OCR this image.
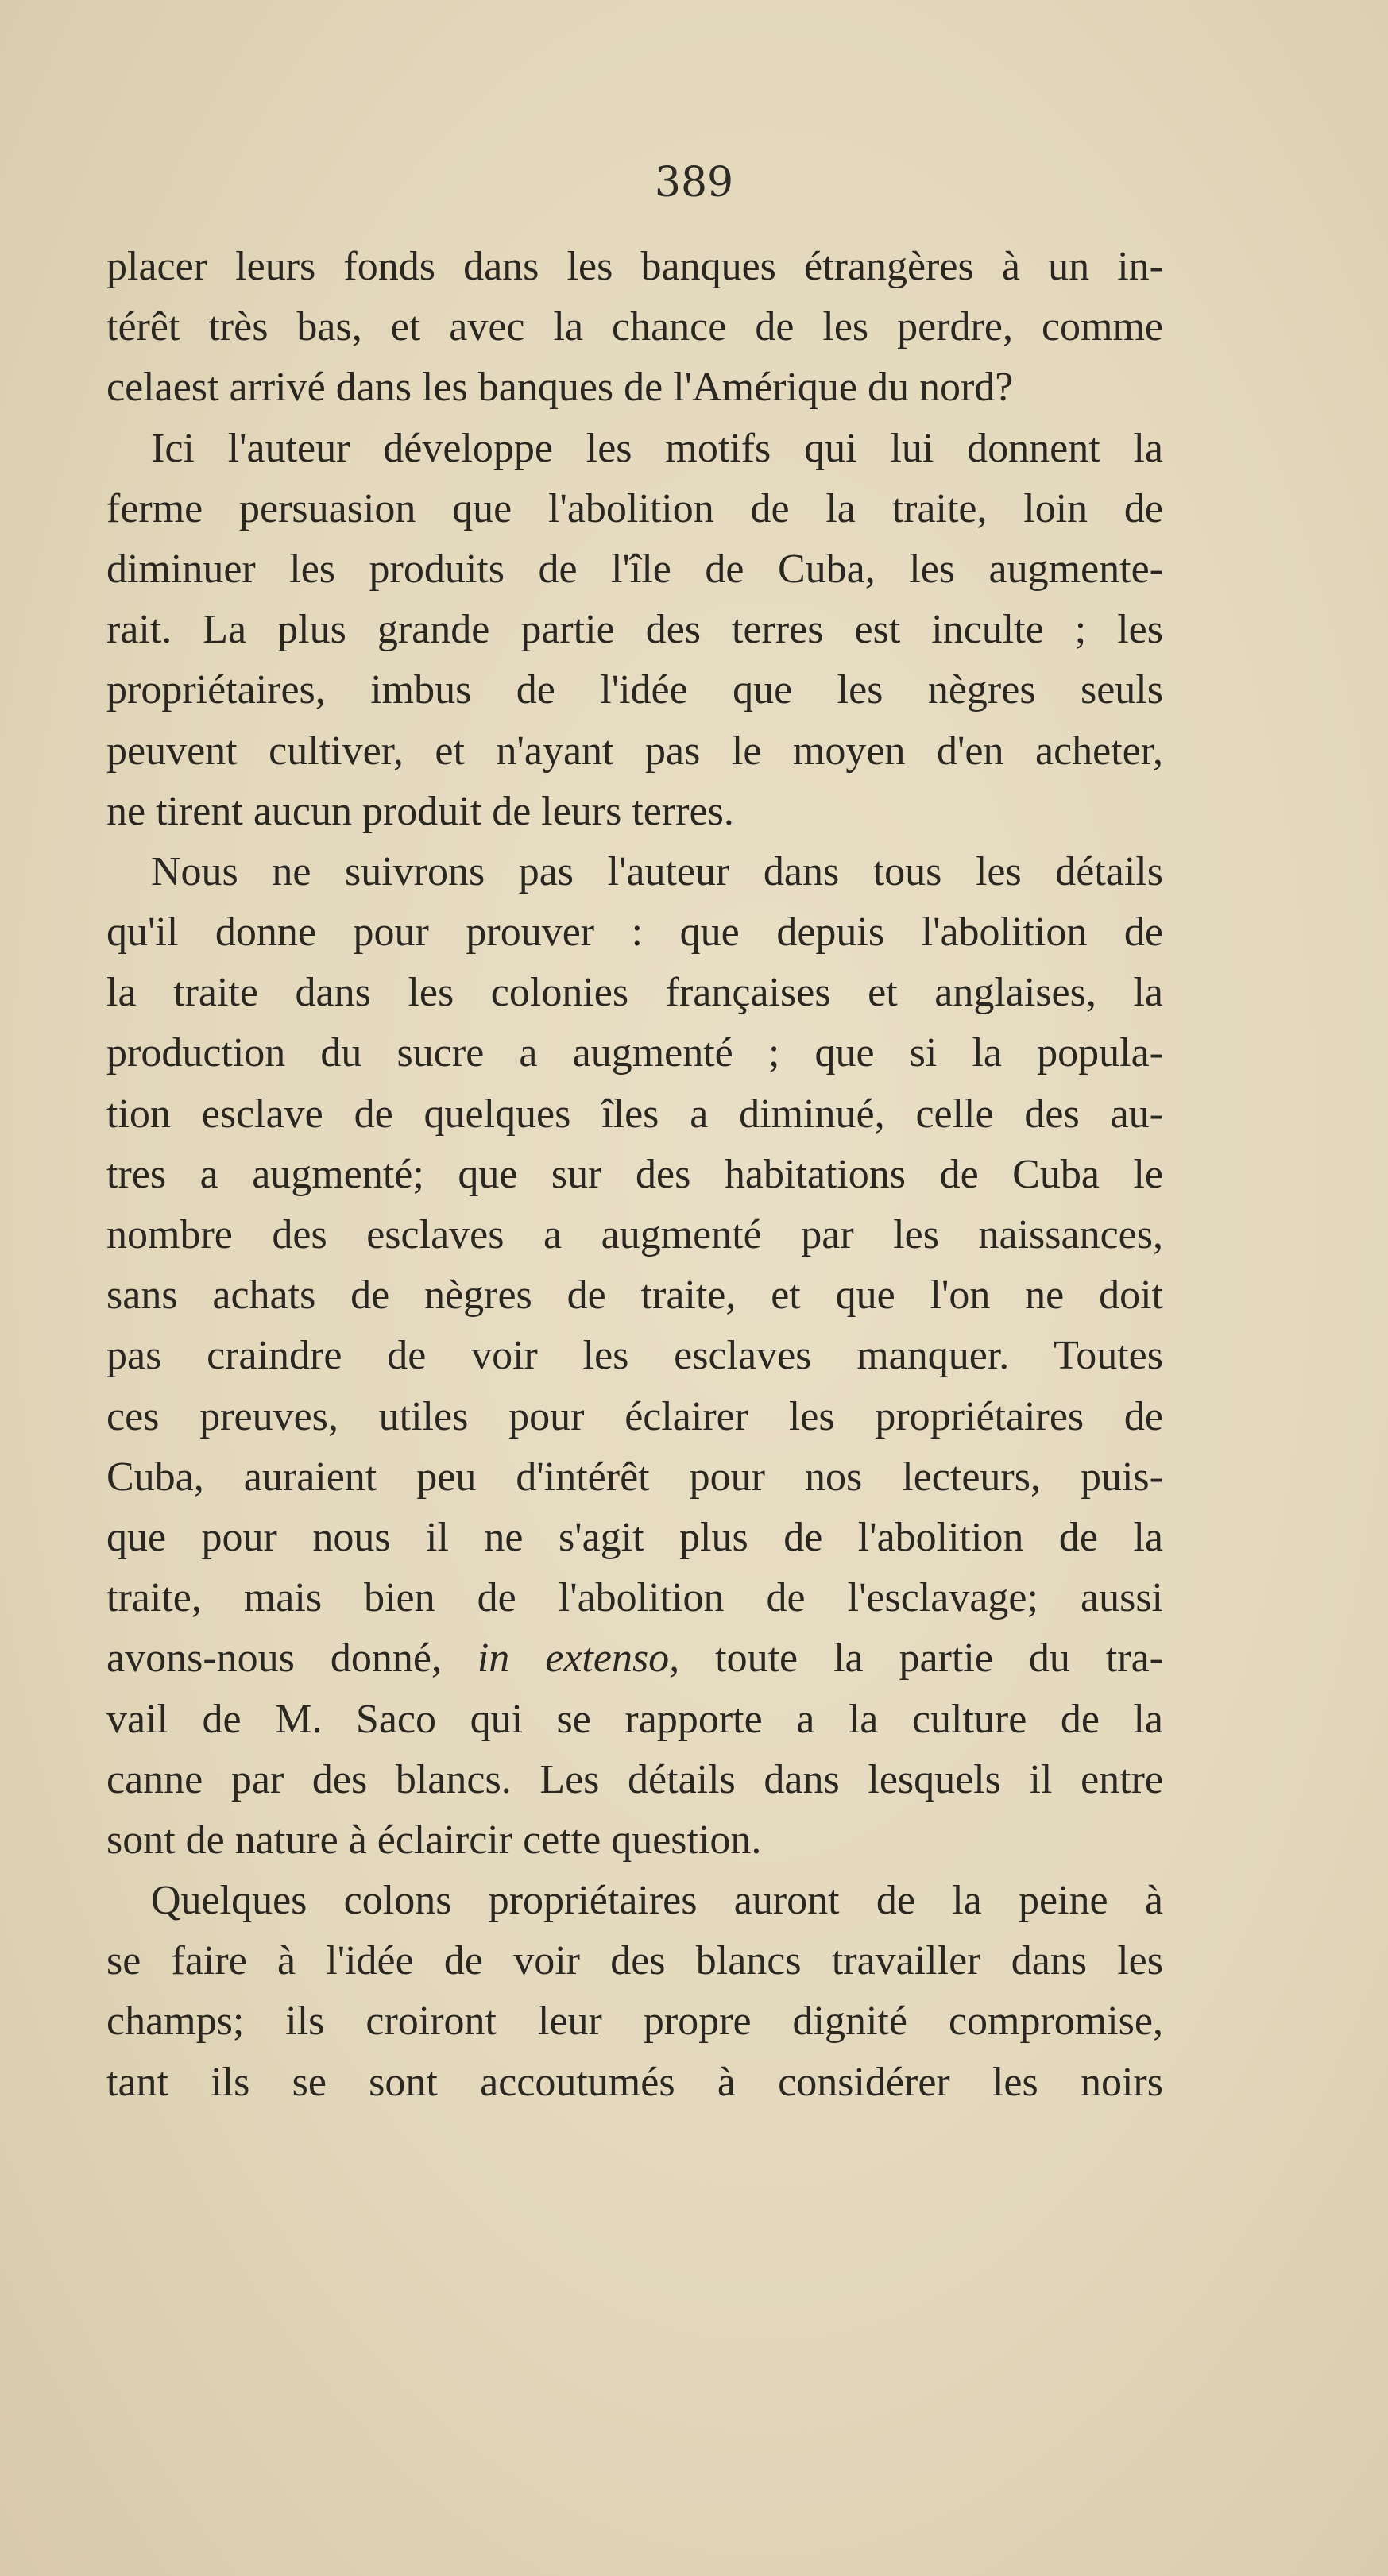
389
placer leurs fonds dans les banques étrangères à un in-
térêt très bas, et avec la chance de les perdre, comme
celaest arrivé dans les banques de l'Amérique du nord?
Ici l'auteur développe les motifs qui lui donnent la
ferme persuasion que l'abolition de la traite, loin de
diminuer les produits de l'île de Cuba, les augmente-
rait. La plus grande partie des terres est inculte ; les
propriétaires, imbus de l'idée que les nègres seuls
peuvent cultiver, et n'ayant pas le moyen d'en acheter,
ne tirent aucun produit de leurs terres.
Nous ne suivrons pas l'auteur dans tous les détails
qu'il donne pour prouver : que depuis l'abolition de
la traite dans les colonies françaises et anglaises, la
production du sucre a augmenté ; que si la popula-
tion esclave de quelques îles a diminué, celle des au-
tres a augmenté; que sur des habitations de Cuba le
nombre des esclaves a augmenté par les naissances,
sans achats de nègres de traite, et que l'on ne doit
pas craindre de voir les esclaves manquer. Toutes
ces preuves, utiles pour éclairer les propriétaires de
Cuba, auraient peu d'intérêt pour nos lecteurs, puis-
que pour nous il ne s'agit plus de l'abolition de la
traite, mais bien de l'abolition de l'esclavage; aussi
avons-nous donné, in extenso, toute la partie du tra-
vail de M. Saco qui se rapporte a la culture de la
canne par des blancs. Les détails dans lesquels il entre
sont de nature à éclaircir cette question.
Quelques colons propriétaires auront de la peine à
se faire à l'idée de voir des blancs travailler dans les
champs; ils croiront leur propre dignité compromise,
tant ils se sont accoutumés à considérer les noirs
